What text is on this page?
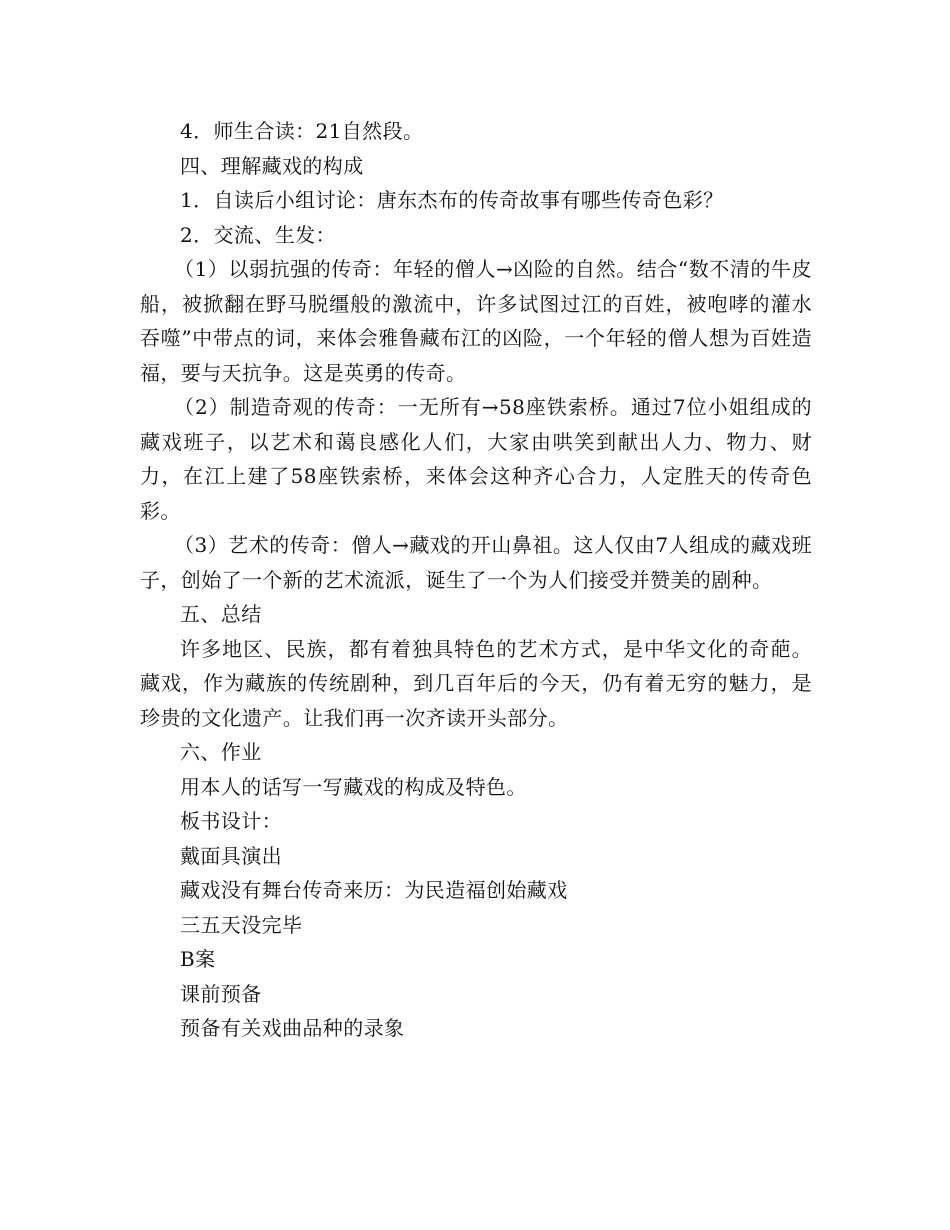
4．师生合读：21自然段。

四、理解藏戏的构成

1．自读后小组讨论：唐东杰布的传奇故事有哪些传奇色彩？

2．交流、生发：

（1）以弱抗强的传奇：年轻的僧人→凶险的自然。结合“数不清的牛皮船，被掀翻在野马脱缰般的激流中，许多试图过江的百姓，被咆哮的灌水吞噬”中带点的词，来体会雅鲁藏布江的凶险，一个年轻的僧人想为百姓造福，要与天抗争。这是英勇的传奇。

（2）制造奇观的传奇：一无所有→58座铁索桥。通过7位小姐组成的藏戏班子，以艺术和蔼良感化人们，大家由哄笑到献出人力、物力、财力，在江上建了58座铁索桥，来体会这种齐心合力，人定胜天的传奇色彩。

（3）艺术的传奇：僧人→藏戏的开山鼻祖。这人仅由7人组成的藏戏班子，创始了一个新的艺术流派，诞生了一个为人们接受并赞美的剧种。

五、总结

许多地区、民族，都有着独具特色的艺术方式，是中华文化的奇葩。藏戏，作为藏族的传统剧种，到几百年后的今天，仍有着无穷的魅力，是珍贵的文化遗产。让我们再一次齐读开头部分。

六、作业

用本人的话写一写藏戏的构成及特色。

板书设计：

戴面具演出

藏戏没有舞台传奇来历：为民造福创始藏戏

三五天没完毕

B案

课前预备

预备有关戏曲品种的录象
